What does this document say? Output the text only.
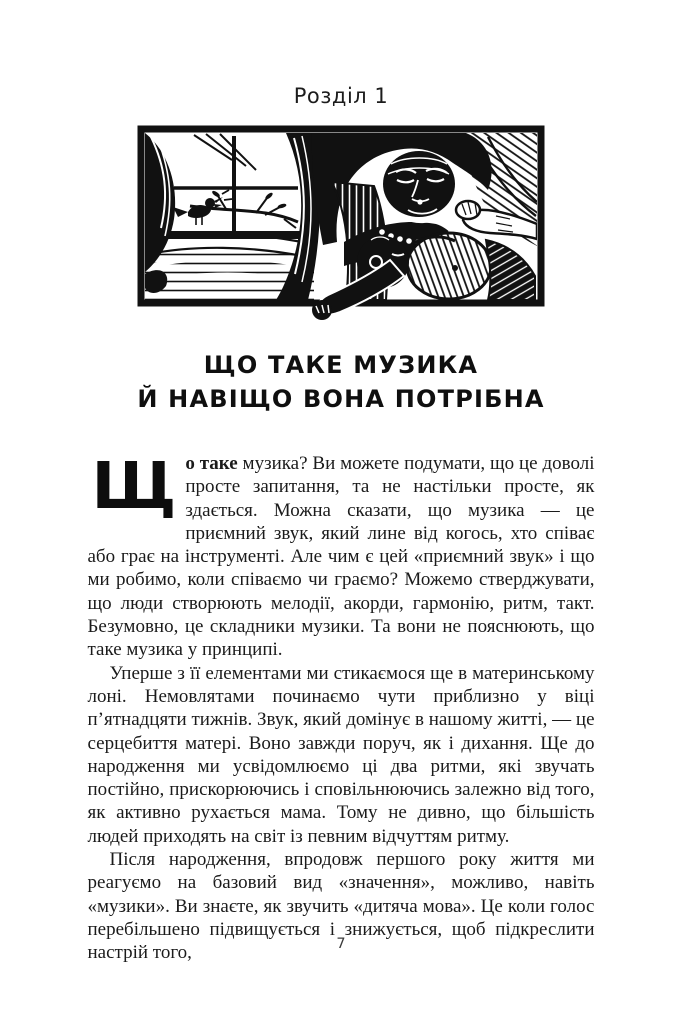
Розділ 1
ЩО ТАКЕ МУЗИКА
Й НАВІЩО ВОНА ПОТРІБНА

Щ о таке музика? Ви можете подумати, що це доволі просте запитання, та не настільки просте, як здається. Можна сказати, що музика — це приємний звук, який лине від когось, хто співає або грає на інструменті. Але чим є цей «приємний звук» і що ми робимо, коли співаємо чи граємо? Можемо стверджувати, що люди створюють мелодії, акорди, гармонію, ритм, такт. Безумовно, це складники музики. Та вони не пояснюють, що таке музика у принципі.

Уперше з її елементами ми стикаємося ще в материнському лоні. Немовлятами починаємо чути приблизно у віці п’ятнадцяти тижнів. Звук, який домінує в нашому житті, — це серцебиття матері. Воно завжди поруч, як і дихання. Ще до народження ми усвідомлюємо ці два ритми, які звучать постійно, прискорюючись і сповільнюючись залежно від того, як активно рухається мама. Тому не дивно, що більшість людей приходять на світ із певним відчуттям ритму.

Після народження, впродовж першого року життя ми реагуємо на базовий вид «значення», можливо, навіть «музики». Ви знаєте, як звучить «дитяча мова». Це коли голос перебільшено підвищується і знижується, щоб підкреслити настрій того,	7
